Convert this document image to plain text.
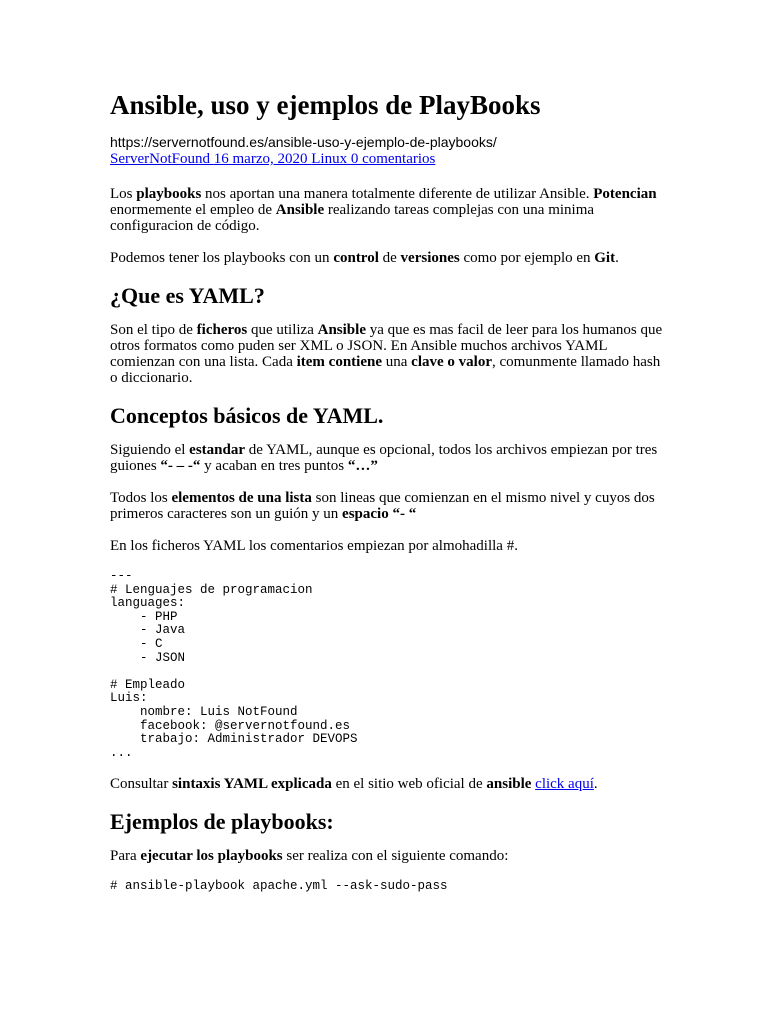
Ansible, uso y ejemplos de PlayBooks

https://servernotfound.es/ansible-uso-y-ejemplo-de-playbooks/

ServerNotFound 16 marzo, 2020 Linux 0 comentarios

Los playbooks nos aportan una manera totalmente diferente de utilizar Ansible. Potencian enormemente el empleo de Ansible realizando tareas complejas con una minima configuracion de código.

Podemos tener los playbooks con un control de versiones como por ejemplo en Git.

¿Que es YAML?

Son el tipo de ficheros que utiliza Ansible ya que es mas facil de leer para los humanos que otros formatos como puden ser XML o JSON. En Ansible muchos archivos YAML comienzan con una lista. Cada item contiene una clave o valor, comunmente llamado hash o diccionario.

Conceptos básicos de YAML.

Siguiendo el estandar de YAML, aunque es opcional, todos los archivos empiezan por tres guiones “- – -“ y acaban en tres puntos “…”

Todos los elementos de una lista son lineas que comienzan en el mismo nivel y cuyos dos primeros caracteres son un guión y un espacio “- “

En los ficheros YAML los comentarios empiezan por almohadilla #.

---
# Lenguajes de programacion
languages:
- PHP
- Java
- C
- JSON

# Empleado
Luis:
nombre: Luis NotFound
facebook: @servernotfound.es
trabajo: Administrador DEVOPS
...

Consultar sintaxis YAML explicada en el sitio web oficial de ansible click aquí.

Ejemplos de playbooks:

Para ejecutar los playbooks ser realiza con el siguiente comando:

# ansible-playbook apache.yml --ask-sudo-pass
